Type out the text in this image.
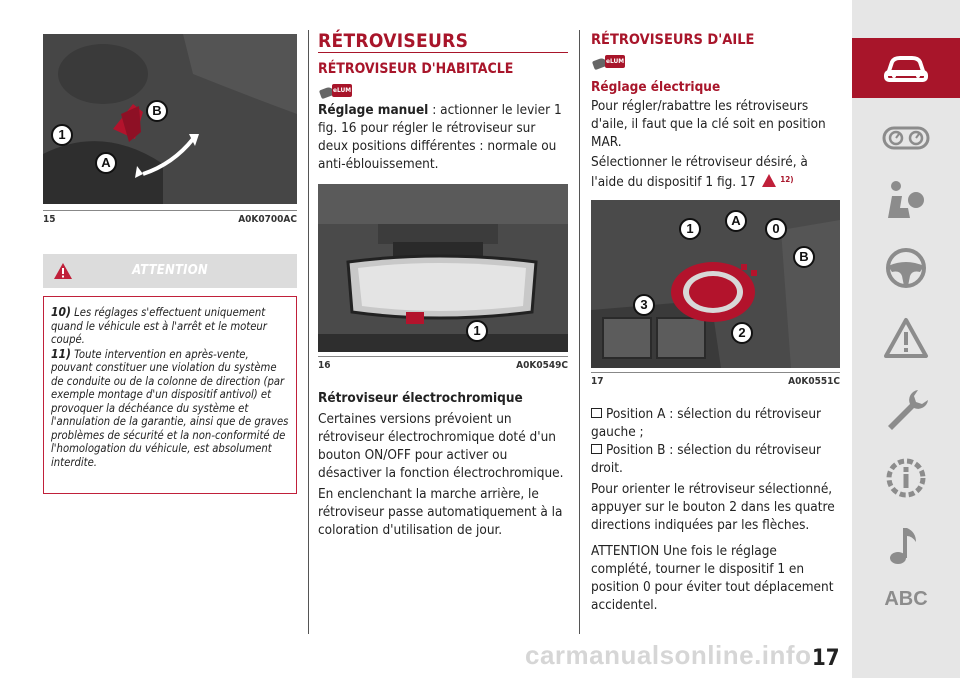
1
A
B
15	A0K0700AC
ATTENTION

10) Les réglages s'effectuent uniquement quand le véhicule est à l'arrêt et le moteur coupé.

11) Toute intervention en après-vente, pouvant constituer une violation du système de conduite ou de la colonne de direction (par exemple montage d'un dispositif antivol) et provoquer la déchéance du système et l'annulation de la garantie, ainsi que de graves problèmes de sécurité et la non-conformité de l'homologation du véhicule, est absolument interdite.

RÉTROVISEURS
RÉTROVISEUR D'HABITACLE
eLUM
Réglage manuel : actionner le levier 1 fig. 16 pour régler le rétroviseur sur deux positions différentes : normale ou anti-éblouissement.
1
16	A0K0549C
Rétroviseur électrochromique
Certaines versions prévoient un rétroviseur électrochromique doté d'un bouton ON/OFF pour activer ou désactiver la fonction électrochromique.
En enclenchant la marche arrière, le rétroviseur passe automatiquement à la coloration d'utilisation de jour.
RÉTROVISEURS D'AILE
eLUM
Réglage électrique
Pour régler/rabattre les rétroviseurs d'aile, il faut que la clé soit en position MAR.
Sélectionner le rétroviseur désiré, à l'aide du dispositif 1 fig. 17	$^{12)}$
1
A
0
B
3
2
17	A0K0551C
Position A : sélection du rétroviseur gauche ;
Position B : sélection du rétroviseur droit.
Pour orienter le rétroviseur sélectionné, appuyer sur le bouton 2 dans les quatre directions indiquées par les flèches.
ATTENTION Une fois le réglage complété, tourner le dispositif 1 en position 0 pour éviter tout déplacement accidentel.	ABC
carmanualsonline.info 17
